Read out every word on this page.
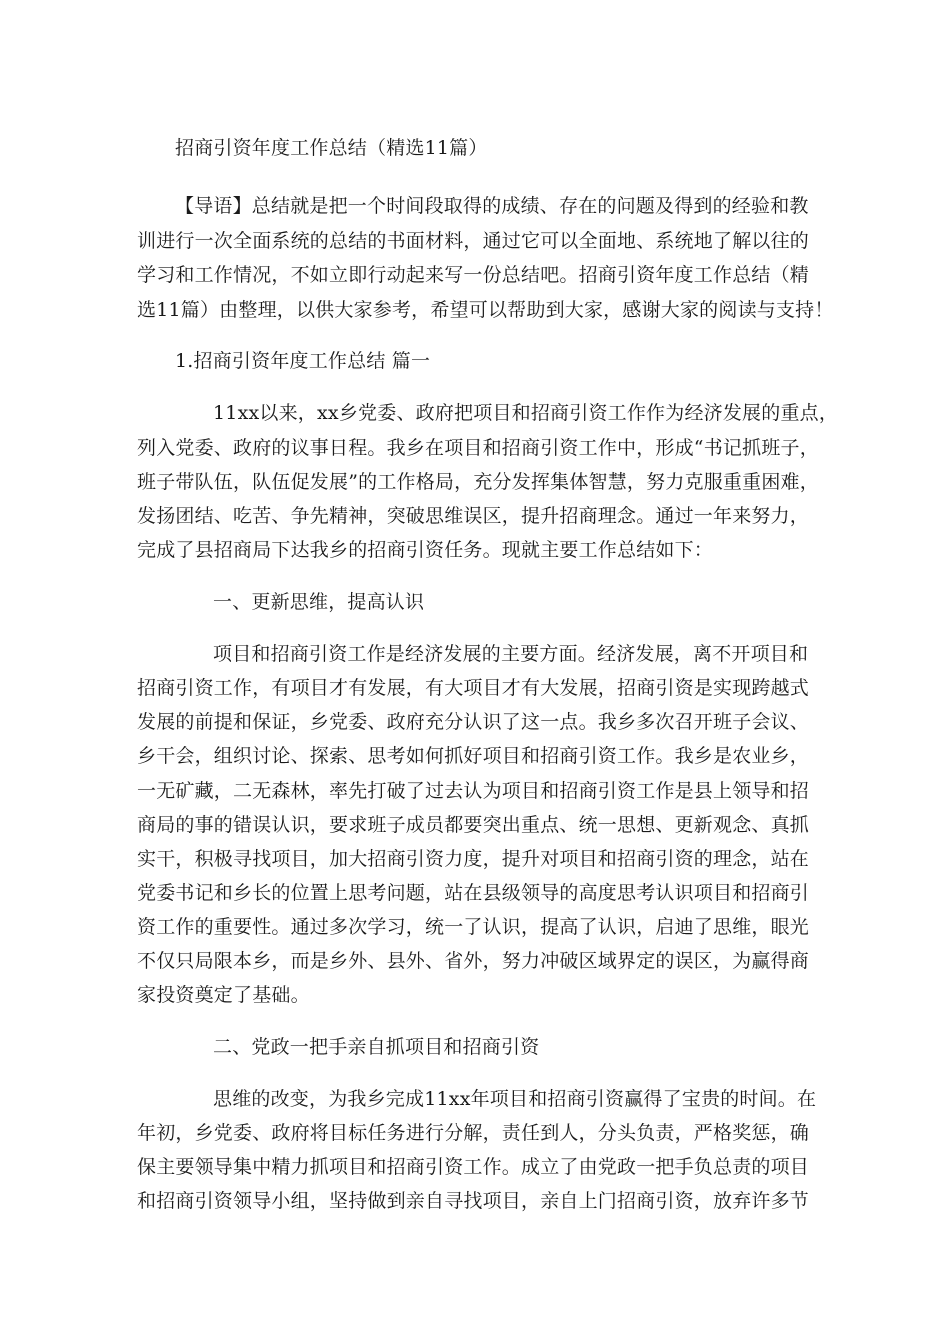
招商引资年度工作总结（精选11篇）
【导语】总结就是把一个时间段取得的成绩、存在的问题及得到的经验和教
训进行一次全面系统的总结的书面材料，通过它可以全面地、系统地了解以往的
学习和工作情况，不如立即行动起来写一份总结吧。招商引资年度工作总结（精
选11篇）由整理，以供大家参考，希望可以帮助到大家，感谢大家的阅读与支持！
1.招商引资年度工作总结 篇一
11xx以来，xx乡党委、政府把项目和招商引资工作作为经济发展的重点，
列入党委、政府的议事日程。我乡在项目和招商引资工作中，形成“书记抓班子，
班子带队伍，队伍促发展”的工作格局，充分发挥集体智慧，努力克服重重困难，
发扬团结、吃苦、争先精神，突破思维误区，提升招商理念。通过一年来努力，
完成了县招商局下达我乡的招商引资任务。现就主要工作总结如下：
一、更新思维，提高认识
项目和招商引资工作是经济发展的主要方面。经济发展，离不开项目和
招商引资工作，有项目才有发展，有大项目才有大发展，招商引资是实现跨越式
发展的前提和保证，乡党委、政府充分认识了这一点。我乡多次召开班子会议、
乡干会，组织讨论、探索、思考如何抓好项目和招商引资工作。我乡是农业乡，
一无矿藏，二无森林，率先打破了过去认为项目和招商引资工作是县上领导和招
商局的事的错误认识，要求班子成员都要突出重点、统一思想、更新观念、真抓
实干，积极寻找项目，加大招商引资力度，提升对项目和招商引资的理念，站在
党委书记和乡长的位置上思考问题，站在县级领导的高度思考认识项目和招商引
资工作的重要性。通过多次学习，统一了认识，提高了认识，启迪了思维，眼光
不仅只局限本乡，而是乡外、县外、省外，努力冲破区域界定的误区，为赢得商
家投资奠定了基础。
二、党政一把手亲自抓项目和招商引资
思维的改变，为我乡完成11xx年项目和招商引资赢得了宝贵的时间。在
年初，乡党委、政府将目标任务进行分解，责任到人，分头负责，严格奖惩，确
保主要领导集中精力抓项目和招商引资工作。成立了由党政一把手负总责的项目
和招商引资领导小组，坚持做到亲自寻找项目，亲自上门招商引资，放弃许多节
